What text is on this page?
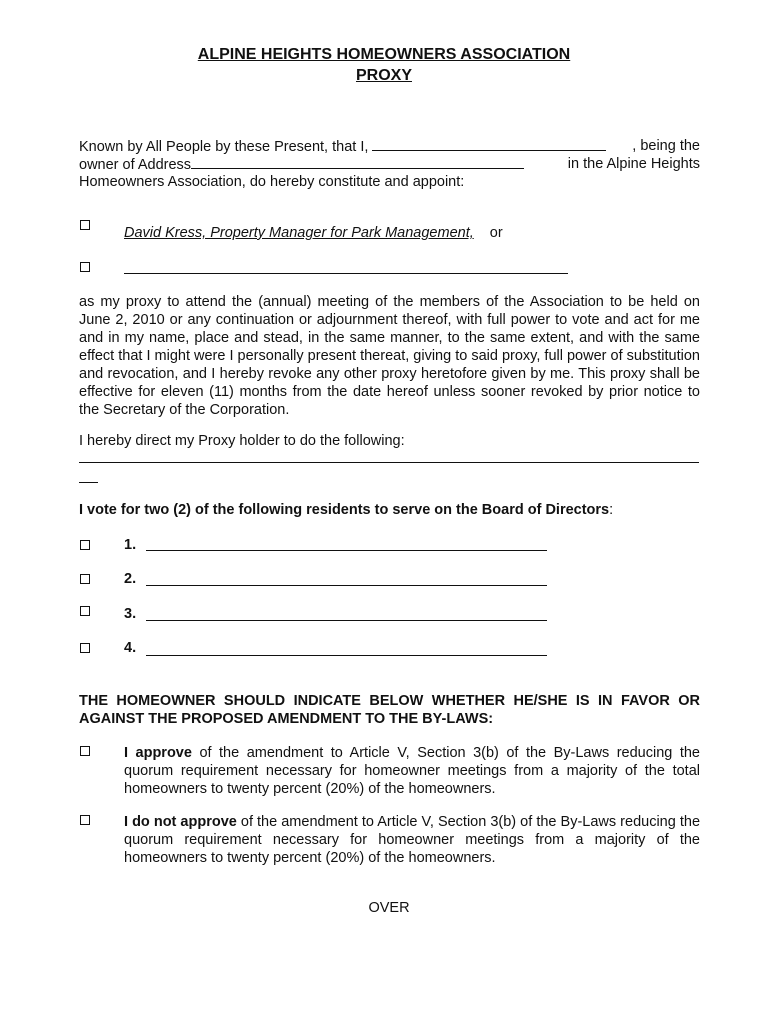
ALPINE HEIGHTS HOMEOWNERS ASSOCIATION
PROXY
Known by All People by these Present, that I,	, being the
owner of Address	in the Alpine Heights
Homeowners Association, do hereby constitute and appoint:
David Kress, Property Manager for Park Management, or
as my proxy to attend the (annual) meeting of the members of the Association to be held on June 2, 2010 or any continuation or adjournment thereof, with full power to vote and act for me and in my name, place and stead, in the same manner, to the same extent, and with the same effect that I might were I personally present thereat, giving to said proxy, full power of substitution and revocation, and I hereby revoke any other proxy heretofore given by me. This proxy shall be effective for eleven (11) months from the date hereof unless sooner revoked by prior notice to the Secretary of the Corporation.
I hereby direct my Proxy holder to do the following:
I vote for two (2) of the following residents to serve on the Board of Directors:
1.
2.
3.
4.
THE HOMEOWNER SHOULD INDICATE BELOW WHETHER HE/SHE IS IN FAVOR OR AGAINST THE PROPOSED AMENDMENT TO THE BY-LAWS:
I approve of the amendment to Article V, Section 3(b) of the By-Laws reducing the quorum requirement necessary for homeowner meetings from a majority of the total homeowners to twenty percent (20%) of the homeowners.
I do not approve of the amendment to Article V, Section 3(b) of the By-Laws reducing the quorum requirement necessary for homeowner meetings from a majority of the homeowners to twenty percent (20%) of the homeowners.
OVER
